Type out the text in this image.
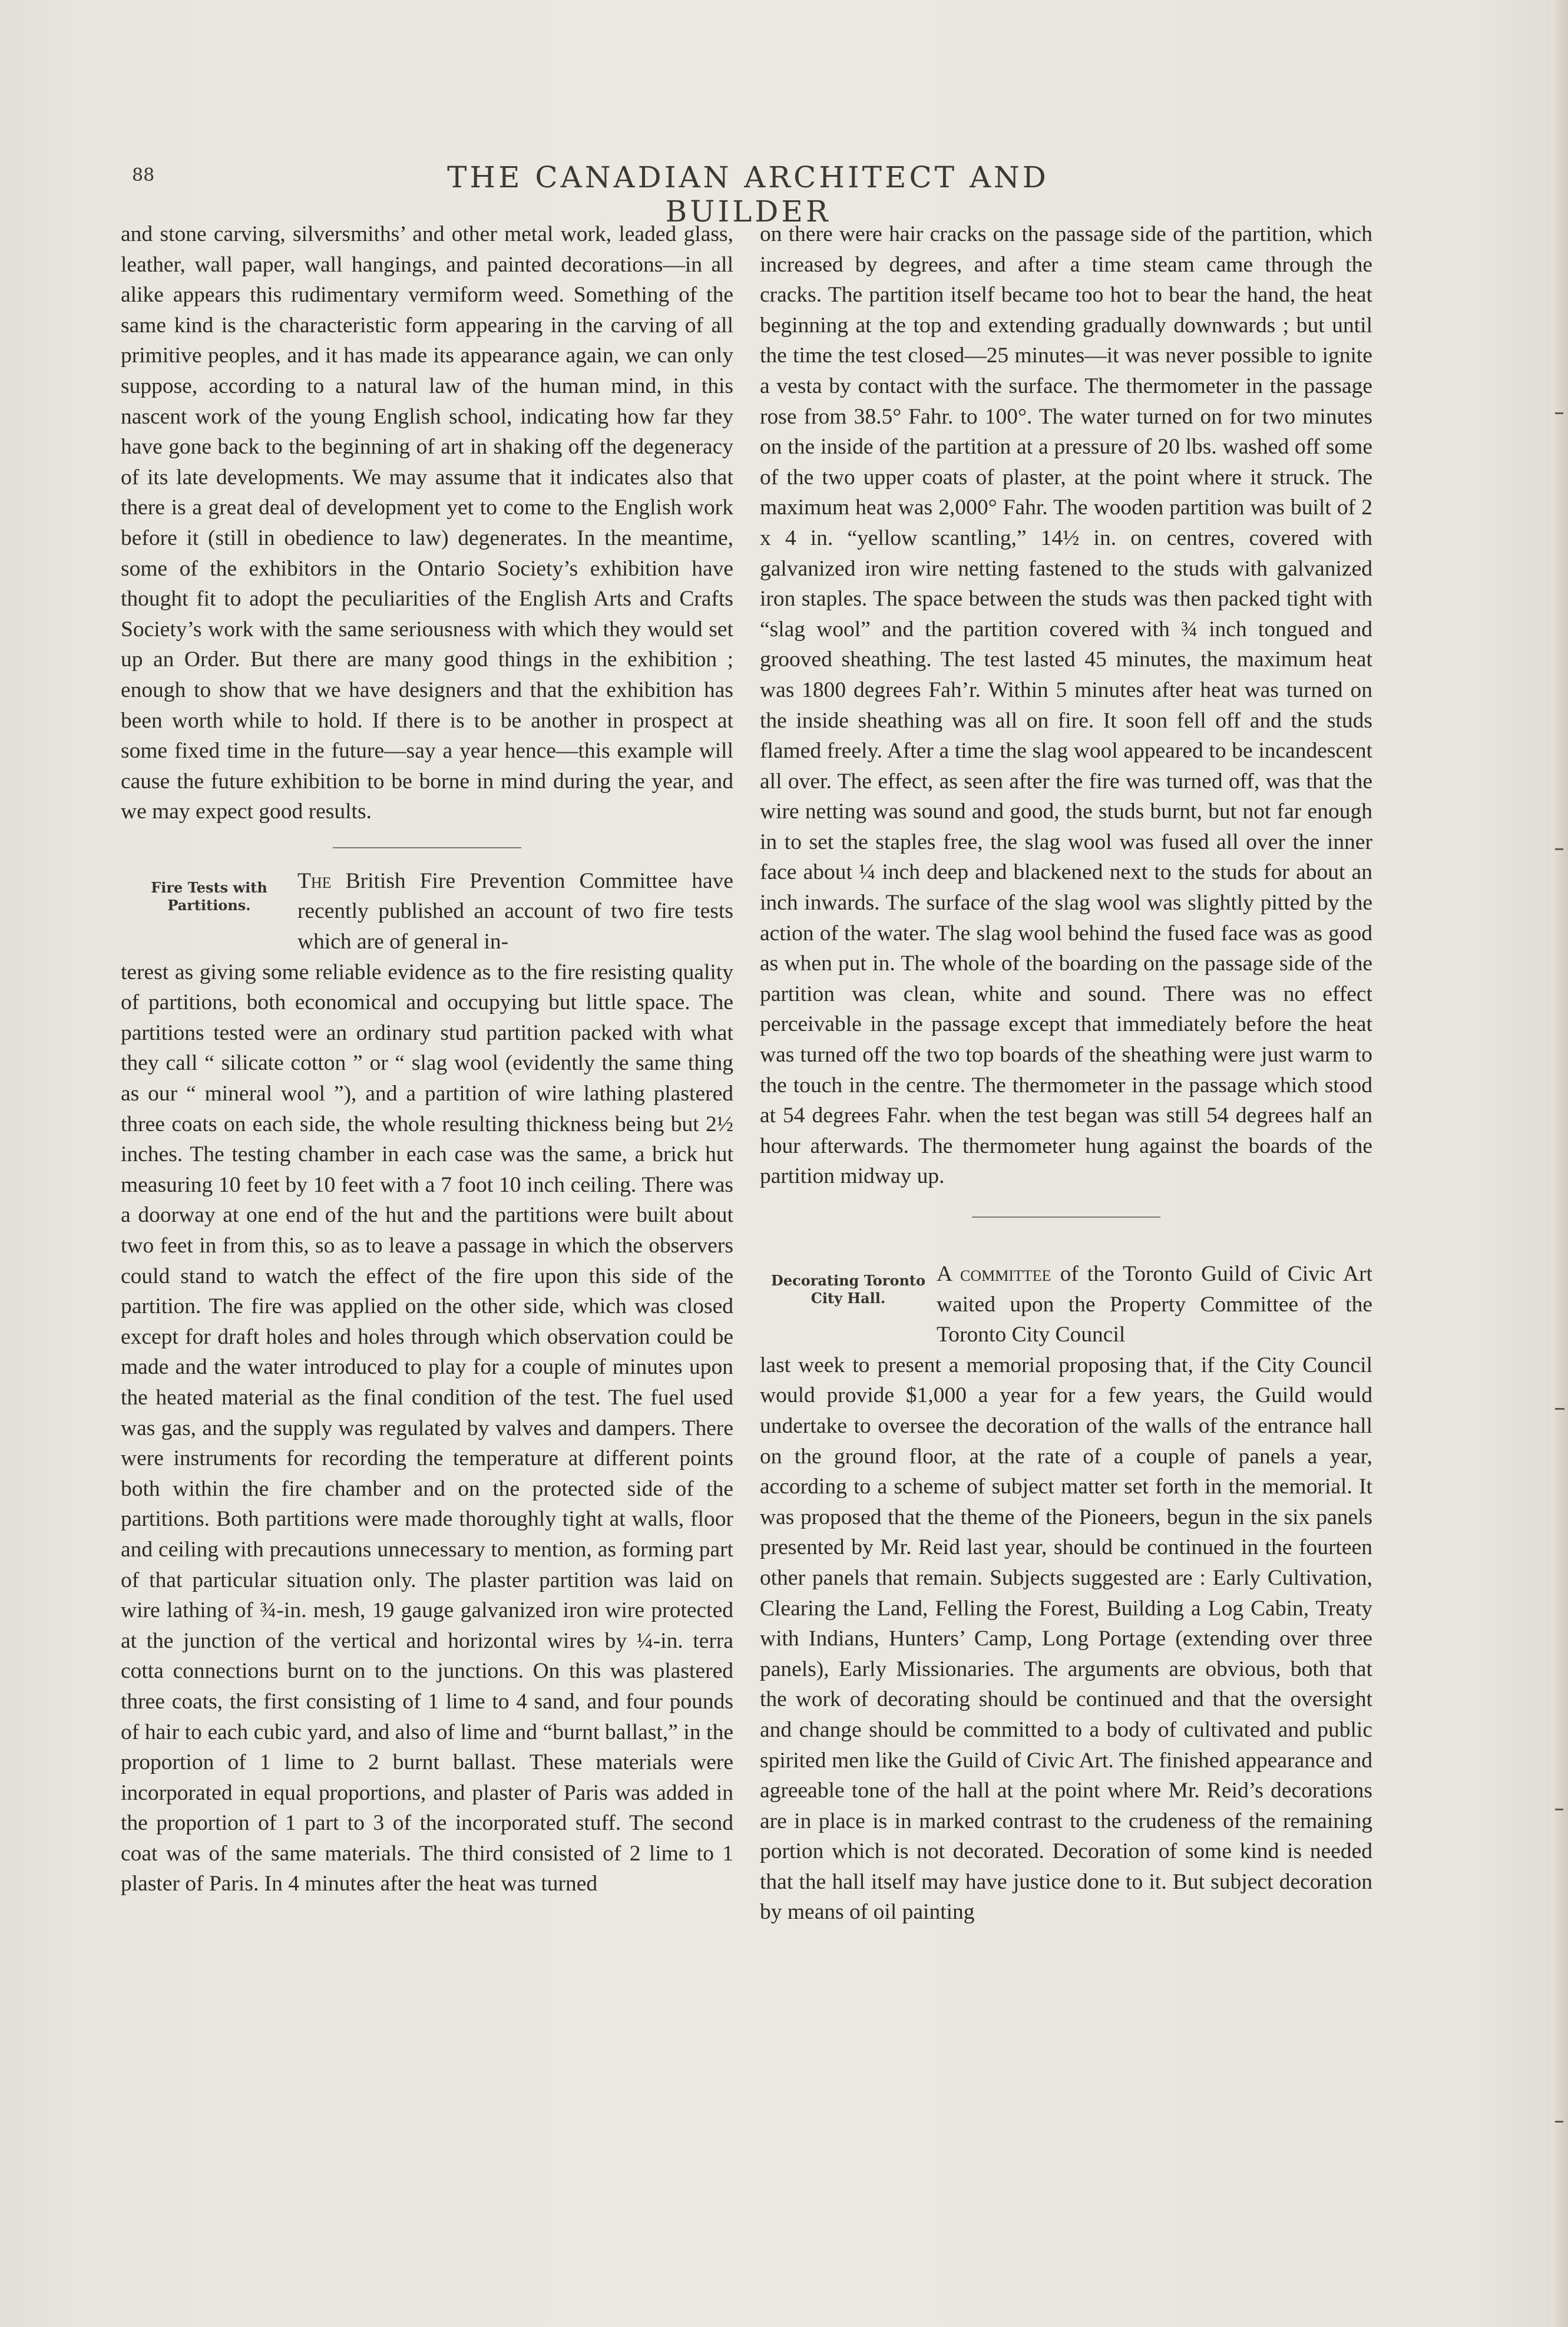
88	THE CANADIAN ARCHITECT AND BUILDER

and stone carving, silversmiths’ and other metal work, leaded glass, leather, wall paper, wall hangings, and painted decorations—in all alike appears this rudimentary vermiform weed. Something of the same kind is the characteristic form appearing in the carving of all primitive peoples, and it has made its appearance again, we can only suppose, according to a natural law of the human mind, in this nascent work of the young English school, indicating how far they have gone back to the beginning of art in shaking off the degeneracy of its late developments. We may assume that it indicates also that there is a great deal of development yet to come to the English work before it (still in obedience to law) degenerates. In the meantime, some of the exhibitors in the Ontario Society’s exhibition have thought fit to adopt the peculiarities of the English Arts and Crafts Society’s work with the same seriousness with which they would set up an Order. But there are many good things in the exhibition ; enough to show that we have designers and that the exhibition has been worth while to hold. If there is to be another in prospect at some fixed time in the future—say a year hence—this example will cause the future exhibition to be borne in mind during the year, and we may expect good results.

Fire Tests with Partitions.
The British Fire Prevention Committee have recently published an account of two fire tests which are of general in-

terest as giving some reliable evidence as to the fire resisting quality of partitions, both economical and occupying but little space. The partitions tested were an ordinary stud partition packed with what they call “ silicate cotton ” or “ slag wool (evidently the same thing as our “ mineral wool ”), and a partition of wire lathing plastered three coats on each side, the whole resulting thickness being but 2½ inches. The testing chamber in each case was the same, a brick hut measuring 10 feet by 10 feet with a 7 foot 10 inch ceiling. There was a doorway at one end of the hut and the partitions were built about two feet in from this, so as to leave a passage in which the observers could stand to watch the effect of the fire upon this side of the partition. The fire was applied on the other side, which was closed except for draft holes and holes through which observation could be made and the water introduced to play for a couple of minutes upon the heated material as the final condition of the test. The fuel used was gas, and the supply was regulated by valves and dampers. There were instruments for recording the temperature at different points both within the fire chamber and on the protected side of the partitions. Both partitions were made thoroughly tight at walls, floor and ceiling with precautions unnecessary to mention, as forming part of that particular situation only. The plaster partition was laid on wire lathing of ¾-in. mesh, 19 gauge galvanized iron wire protected at the junction of the vertical and horizontal wires by ¼-in. terra cotta connections burnt on to the junctions. On this was plastered three coats, the first consisting of 1 lime to 4 sand, and four pounds of hair to each cubic yard, and also of lime and “burnt ballast,” in the proportion of 1 lime to 2 burnt ballast. These materials were incorporated in equal proportions, and plaster of Paris was added in the proportion of 1 part to 3 of the incorporated stuff. The second coat was of the same materials. The third consisted of 2 lime to 1 plaster of Paris. In 4 minutes after the heat was turned

on there were hair cracks on the passage side of the partition, which increased by degrees, and after a time steam came through the cracks. The partition itself became too hot to bear the hand, the heat beginning at the top and extending gradually downwards ; but until the time the test closed—25 minutes—it was never possible to ignite a vesta by contact with the surface. The thermometer in the passage rose from 38.5° Fahr. to 100°. The water turned on for two minutes on the inside of the partition at a pressure of 20 lbs. washed off some of the two upper coats of plaster, at the point where it struck. The maximum heat was 2,000° Fahr. The wooden partition was built of 2 x 4 in. “yellow scantling,” 14½ in. on centres, covered with galvanized iron wire netting fastened to the studs with galvanized iron staples. The space between the studs was then packed tight with “slag wool” and the partition covered with ¾ inch tongued and grooved sheathing. The test lasted 45 minutes, the maximum heat was 1800 degrees Fah’r. Within 5 minutes after heat was turned on the inside sheathing was all on fire. It soon fell off and the studs flamed freely. After a time the slag wool appeared to be incandescent all over. The effect, as seen after the fire was turned off, was that the wire netting was sound and good, the studs burnt, but not far enough in to set the staples free, the slag wool was fused all over the inner face about ¼ inch deep and blackened next to the studs for about an inch inwards. The surface of the slag wool was slightly pitted by the action of the water. The slag wool behind the fused face was as good as when put in. The whole of the boarding on the passage side of the partition was clean, white and sound. There was no effect perceivable in the passage except that immediately before the heat was turned off the two top boards of the sheathing were just warm to the touch in the centre. The thermometer in the passage which stood at 54 degrees Fahr. when the test began was still 54 degrees half an hour afterwards. The thermometer hung against the boards of the partition midway up.

Decorating Toronto City Hall.
A committee of the Toronto Guild of Civic Art waited upon the Property Committee of the Toronto City Council

last week to present a memorial proposing that, if the City Council would provide $1,000 a year for a few years, the Guild would undertake to oversee the decoration of the walls of the entrance hall on the ground floor, at the rate of a couple of panels a year, according to a scheme of subject matter set forth in the memorial. It was proposed that the theme of the Pioneers, begun in the six panels presented by Mr. Reid last year, should be continued in the fourteen other panels that remain. Subjects suggested are : Early Cultivation, Clearing the Land, Felling the Forest, Building a Log Cabin, Treaty with Indians, Hunters’ Camp, Long Portage (extending over three panels), Early Missionaries. The arguments are obvious, both that the work of decorating should be continued and that the oversight and change should be committed to a body of cultivated and public spirited men like the Guild of Civic Art. The finished appearance and agreeable tone of the hall at the point where Mr. Reid’s decorations are in place is in marked contrast to the crudeness of the remaining portion which is not decorated. Decoration of some kind is needed that the hall itself may have justice done to it. But subject decoration by means of oil painting
